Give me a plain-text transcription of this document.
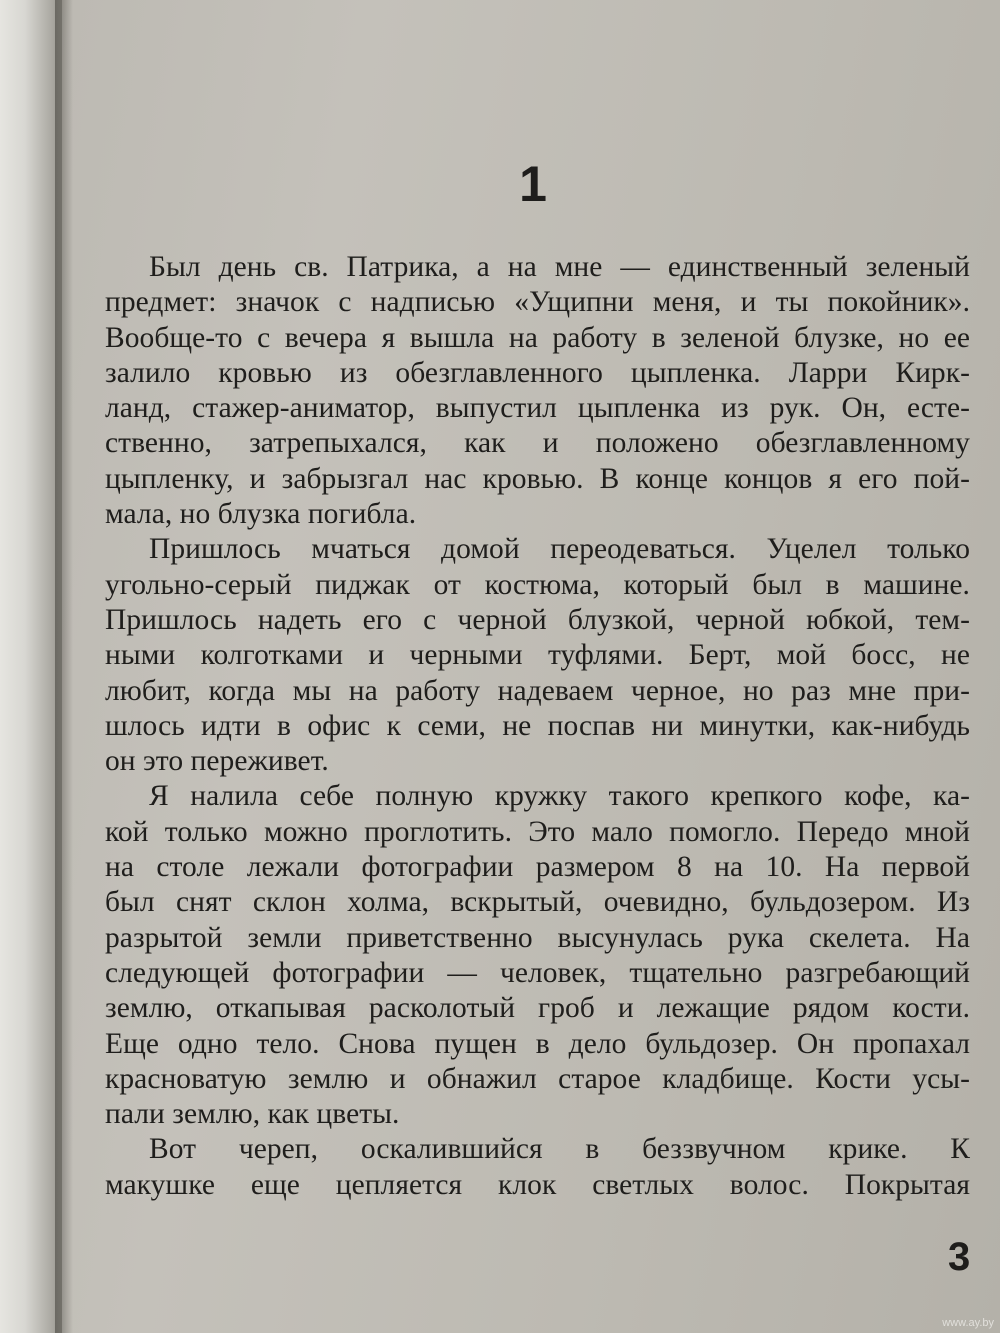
1

Был день св. Патрика, а на мне — единственный зеленый
предмет: значок с надписью «Ущипни меня, и ты покойник».
Вообще-то с вечера я вышла на работу в зеленой блузке, но ее
залило кровью из обезглавленного цыпленка. Ларри Кирк-
ланд, стажер-аниматор, выпустил цыпленка из рук. Он, есте-
ственно, затрепыхался, как и положено обезглавленному
цыпленку, и забрызгал нас кровью. В конце концов я его пой-
мала, но блузка погибла.

Пришлось мчаться домой переодеваться. Уцелел только
угольно-серый пиджак от костюма, который был в машине.
Пришлось надеть его с черной блузкой, черной юбкой, тем-
ными колготками и черными туфлями. Берт, мой босс, не
любит, когда мы на работу надеваем черное, но раз мне при-
шлось идти в офис к семи, не поспав ни минутки, как-нибудь
он это переживет.

Я налила себе полную кружку такого крепкого кофе, ка-
кой только можно проглотить. Это мало помогло. Передо мной
на столе лежали фотографии размером 8 на 10. На первой
был снят склон холма, вскрытый, очевидно, бульдозером. Из
разрытой земли приветственно высунулась рука скелета. На
следующей фотографии — человек, тщательно разгребающий
землю, откапывая расколотый гроб и лежащие рядом кости.
Еще одно тело. Снова пущен в дело бульдозер. Он пропахал
красноватую землю и обнажил старое кладбище. Кости усы-
пали землю, как цветы.

Вот череп, оскалившийся в беззвучном крике. К
макушке еще цепляется клок светлых волос. Покрытая

3
www.ay.by
